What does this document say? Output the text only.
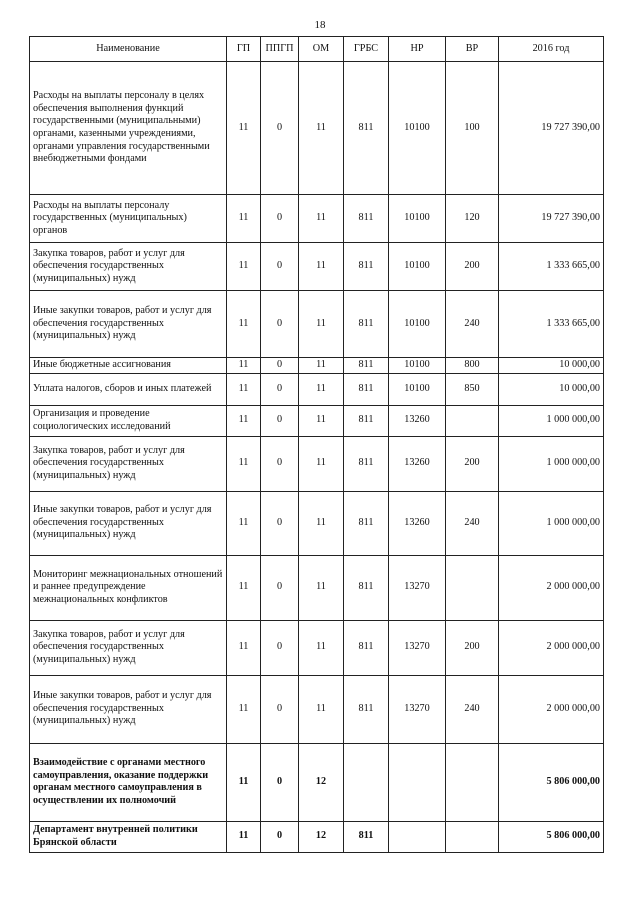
18
Наименование	ГП	ППГП	ОМ	ГРБС	НР	ВР	2016 год
Расходы на выплаты персоналу в целях обеспечения выполнения функций государственными (муниципальными) органами, казенными учреждениями, органами управления государственными внебюджетными фондами	11	0	11	811	10100	100	19 727 390,00
Расходы на выплаты персоналу государственных (муниципальных) органов	11	0	11	811	10100	120	19 727 390,00
Закупка товаров, работ и услуг для обеспечения государственных (муниципальных) нужд	11	0	11	811	10100	200	1 333 665,00
Иные закупки товаров, работ и услуг для обеспечения государственных (муниципальных) нужд	11	0	11	811	10100	240	1 333 665,00
Иные бюджетные ассигнования	11	0	11	811	10100	800	10 000,00
Уплата налогов, сборов и иных платежей	11	0	11	811	10100	850	10 000,00
Организация и проведение социологических исследований	11	0	11	811	13260		1 000 000,00
Закупка товаров, работ и услуг для обеспечения государственных (муниципальных) нужд	11	0	11	811	13260	200	1 000 000,00
Иные закупки товаров, работ и услуг для обеспечения государственных (муниципальных) нужд	11	0	11	811	13260	240	1 000 000,00
Мониторинг межнациональных отношений и раннее предупреждение межнациональных конфликтов	11	0	11	811	13270		2 000 000,00
Закупка товаров, работ и услуг для обеспечения государственных (муниципальных) нужд	11	0	11	811	13270	200	2 000 000,00
Иные закупки товаров, работ и услуг для обеспечения государственных (муниципальных) нужд	11	0	11	811	13270	240	2 000 000,00
Взаимодействие с органами местного самоуправления, оказание поддержки органам местного самоуправления в осуществлении их полномочий	11	0	12				5 806 000,00
Департамент внутренней политики Брянской области	11	0	12	811			5 806 000,00
